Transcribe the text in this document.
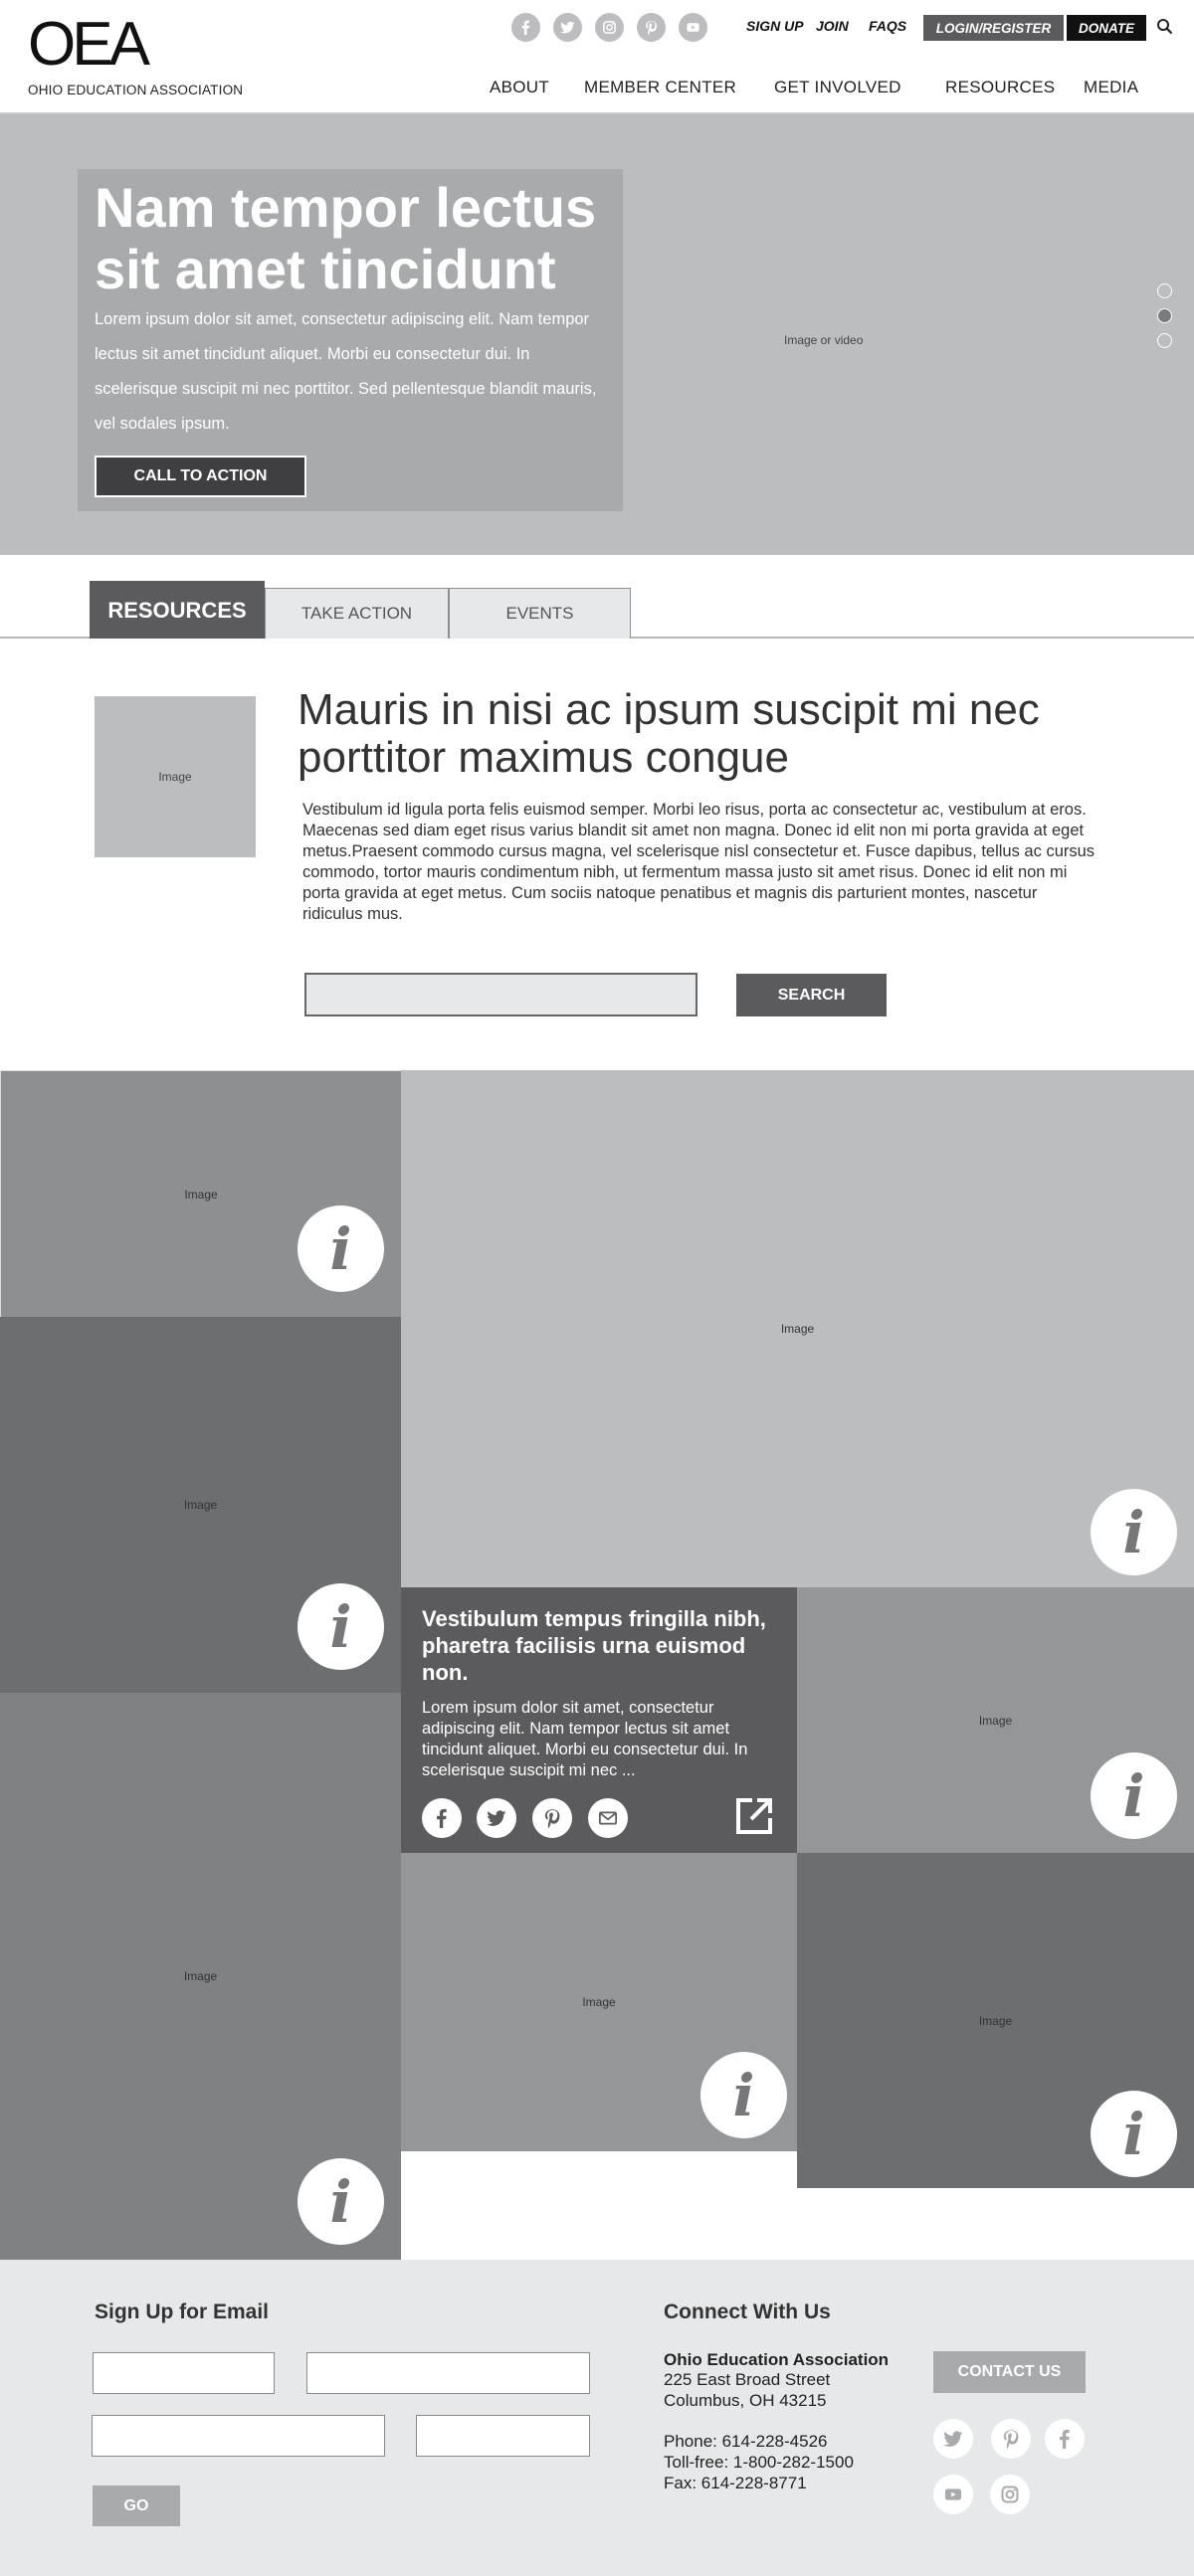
OEA
OHIO EDUCATION ASSOCIATION
SIGN UP JOIN FAQS	LOGIN/REGISTER	DONATE
ABOUT MEMBER CENTER GET INVOLVED	RESOURCES MEDIA
Nam tempor lectus sit amet tincidunt
Lorem ipsum dolor sit amet, consectetur adipiscing elit. Nam tempor lectus sit amet tincidunt aliquet. Morbi eu consectetur dui. In scelerisque suscipit mi nec porttitor. Sed pellentesque blandit mauris, vel sodales ipsum.
CALL TO ACTION
Image or video
RESOURCES	TAKE ACTION	EVENTS
Image
Mauris in nisi ac ipsum suscipit mi nec porttitor maximus congue
Vestibulum id ligula porta felis euismod semper. Morbi leo risus, porta ac consectetur ac, vestibulum at eros. Maecenas sed diam eget risus varius blandit sit amet non magna. Donec id elit non mi porta gravida at eget metus.Praesent commodo cursus magna, vel scelerisque nisl consectetur et. Fusce dapibus, tellus ac cursus commodo, tortor mauris condimentum nibh, ut fermentum massa justo sit amet risus. Donec id elit non mi porta gravida at eget metus. Cum sociis natoque penatibus et magnis dis parturient montes, nascetur ridiculus mus.
SEARCH
Image
Image
Image
Image
Image
Image
Image
i
i
i
i
i
i
i
Vestibulum tempus fringilla nibh, pharetra facilisis urna euismod non.
Lorem ipsum dolor sit amet, consectetur adipiscing elit. Nam tempor lectus sit amet tincidunt aliquet. Morbi eu consectetur dui. In scelerisque suscipit mi nec ...
Sign Up for Email
GO
Connect With Us
Ohio Education Association
225 East Broad Street
Columbus, OH 43215
Phone: 614-228-4526
Toll-free: 1-800-282-1500
Fax: 614-228-8771
CONTACT US
